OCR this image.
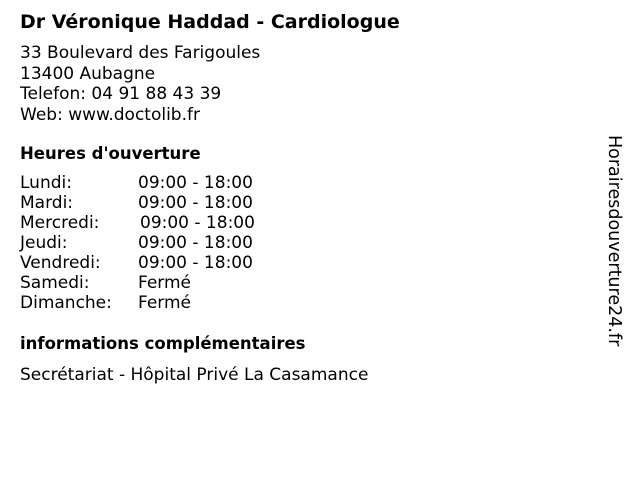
Dr Véronique Haddad - Cardiologue
33 Boulevard des Farigoules
13400 Aubagne
Telefon: 04 91 88 43 39
Web: www.doctolib.fr
Heures d'ouverture
Lundi:	09:00 - 18:00
Mardi:	09:00 - 18:00
Mercredi: 09:00 - 18:00
Jeudi:	09:00 - 18:00
Vendredi: 09:00 - 18:00
Samedi:	Fermé
Dimanche: Fermé
informations complémentaires
Secrétariat - Hôpital Privé La Casamance
Horairesdouverture24.fr
